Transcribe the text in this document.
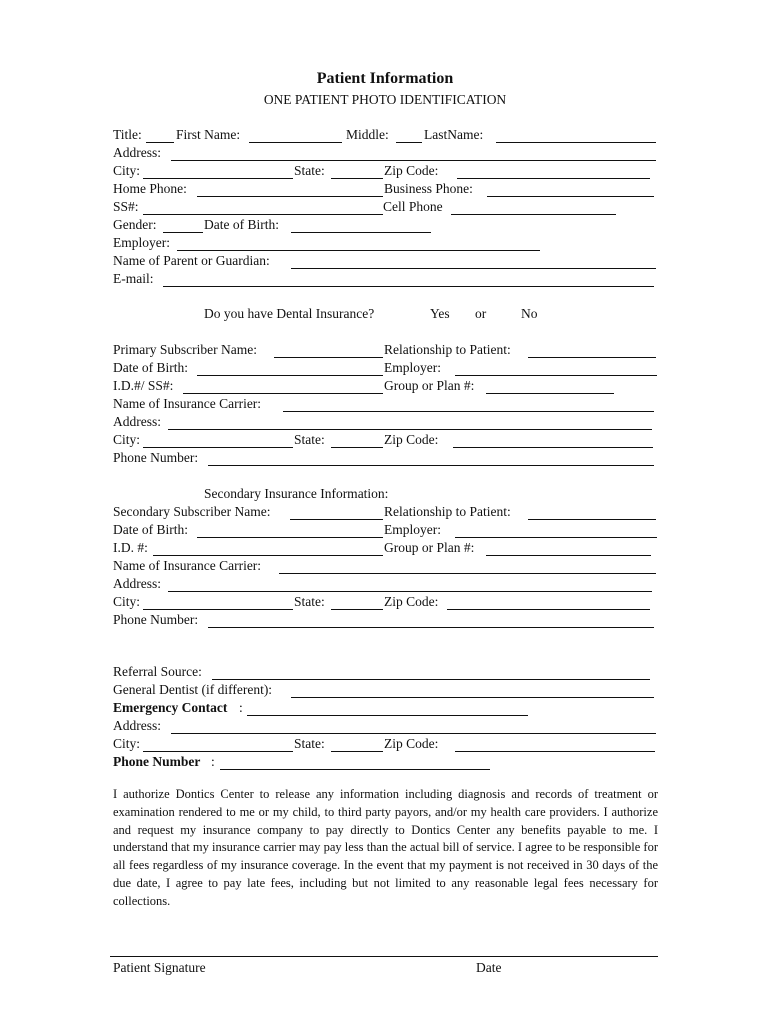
Patient Information
ONE PATIENT PHOTO IDENTIFICATION
Title:	First Name:	Middle:	LastName:
Address:
City:	State:	Zip Code:
Home Phone:	Business Phone:
SS#:	Cell Phone
Gender:	Date of Birth:
Employer:
Name of Parent or Guardian:
E-mail:
Do you have Dental Insurance?	Yes or	No
Primary Subscriber Name:	Relationship to Patient:
Date of Birth:	Employer:
I.D.#/ SS#:	Group or Plan #:
Name of Insurance Carrier:
Address:
City:	State:	Zip Code:
Phone Number:
Secondary Insurance Information:
Secondary Subscriber Name:	Relationship to Patient:
Date of Birth:	Employer:
I.D. #:	Group or Plan #:
Name of Insurance Carrier:
Address:
City:	State:	Zip Code:
Phone Number:
Referral Source:
General Dentist (if different):
Emergency Contact :
Address:
City:	State:	Zip Code:
Phone Number :
I authorize Dontics Center to release any information including diagnosis and records of treatment or examination rendered to me or my child, to third party payors, and/or my health care providers. I authorize and request my insurance company to pay directly to Dontics Center any benefits payable to me. I understand that my insurance carrier may pay less than the actual bill of service. I agree to be responsible for all fees regardless of my insurance coverage. In the event that my payment is not received in 30 days of the due date, I agree to pay late fees, including but not limited to any reasonable legal fees necessary for collections.
Patient Signature	Date
